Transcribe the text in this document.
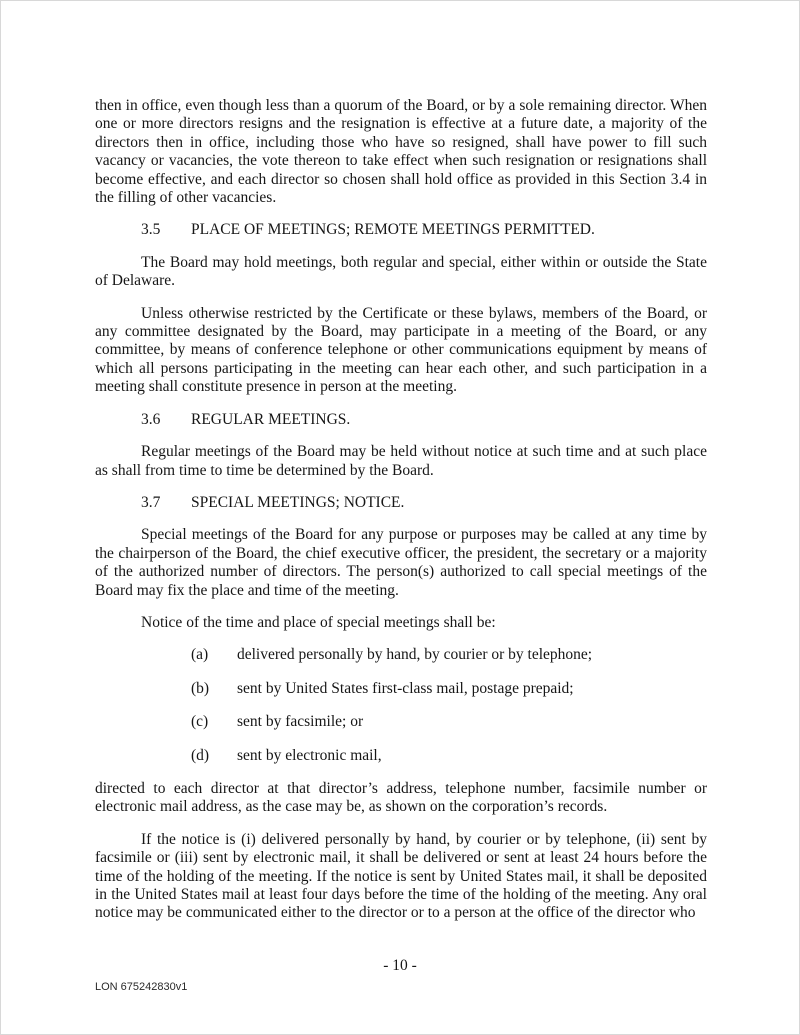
then in office, even though less than a quorum of the Board, or by a sole remaining director. When one or more directors resigns and the resignation is effective at a future date, a majority of the directors then in office, including those who have so resigned, shall have power to fill such vacancy or vacancies, the vote thereon to take effect when such resignation or resignations shall become effective, and each director so chosen shall hold office as provided in this Section 3.4 in the filling of other vacancies.

3.5 PLACE OF MEETINGS; REMOTE MEETINGS PERMITTED.

The Board may hold meetings, both regular and special, either within or outside the State of Delaware.

Unless otherwise restricted by the Certificate or these bylaws, members of the Board, or any committee designated by the Board, may participate in a meeting of the Board, or any committee, by means of conference telephone or other communications equipment by means of which all persons participating in the meeting can hear each other, and such participation in a meeting shall constitute presence in person at the meeting.

3.6 REGULAR MEETINGS.

Regular meetings of the Board may be held without notice at such time and at such place as shall from time to time be determined by the Board.

3.7 SPECIAL MEETINGS; NOTICE.

Special meetings of the Board for any purpose or purposes may be called at any time by the chairperson of the Board, the chief executive officer, the president, the secretary or a majority of the authorized number of directors. The person(s) authorized to call special meetings of the Board may fix the place and time of the meeting.

Notice of the time and place of special meetings shall be:

(a) delivered personally by hand, by courier or by telephone;
(b) sent by United States first-class mail, postage prepaid;
(c) sent by facsimile; or
(d) sent by electronic mail,

directed to each director at that director’s address, telephone number, facsimile number or electronic mail address, as the case may be, as shown on the corporation’s records.

If the notice is (i) delivered personally by hand, by courier or by telephone, (ii) sent by facsimile or (iii) sent by electronic mail, it shall be delivered or sent at least 24 hours before the time of the holding of the meeting. If the notice is sent by United States mail, it shall be deposited in the United States mail at least four days before the time of the holding of the meeting. Any oral notice may be communicated either to the director or to a person at the office of the director who

- 10 -
LON 675242830v1
